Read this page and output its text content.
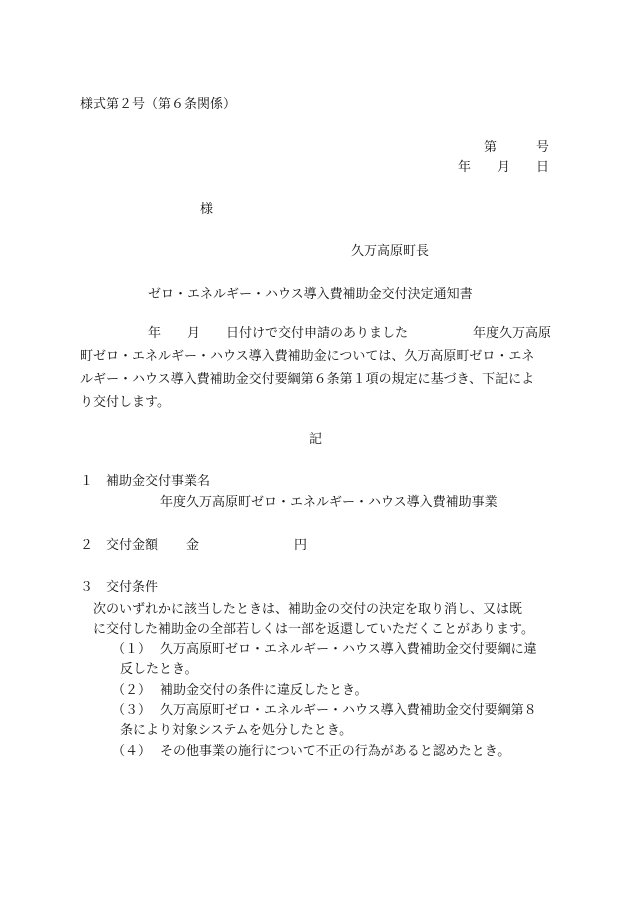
様式第２号（第６条関係）
第　　　号
年　　月　　日
様
久万高原町長
ゼロ・エネルギー・ハウス導入費補助金交付決定通知書
年　　月　　日付けで交付申請のありました　　　　　年度久万高原
町ゼロ・エネルギー・ハウス導入費補助金については、久万高原町ゼロ・エネ
ルギー・ハウス導入費補助金交付要綱第６条第１項の規定に基づき、下記によ
り交付します。
記
１ 補助金交付事業名
年度久万高原町ゼロ・エネルギー・ハウス導入費補助事業
２ 交付金額 金	円
３ 交付条件
次のいずれかに該当したときは、補助金の交付の決定を取り消し、又は既
に交付した補助金の全部若しくは一部を返還していただくことがあります。
（１） 久万高原町ゼロ・エネルギー・ハウス導入費補助金交付要綱に違
反したとき。
（２） 補助金交付の条件に違反したとき。
（３） 久万高原町ゼロ・エネルギー・ハウス導入費補助金交付要綱第８
条により対象システムを処分したとき。
（４） その他事業の施行について不正の行為があると認めたとき。
